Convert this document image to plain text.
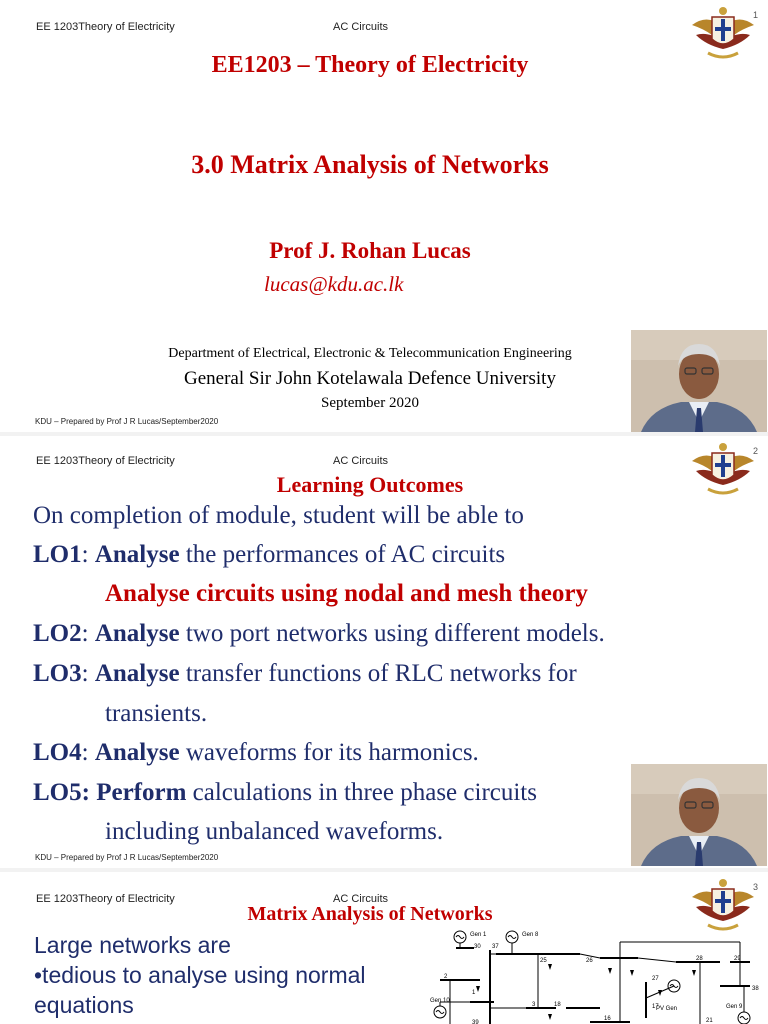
EE 1203Theory of Electricity	AC Circuits
1
EE1203 – Theory of Electricity
3.0 Matrix Analysis of Networks
Prof J. Rohan Lucas
lucas@kdu.ac.lk
Department of Electrical, Electronic & Telecommunication Engineering
General Sir John Kotelawala Defence University
September 2020
KDU – Prepared by Prof J R Lucas/September2020
EE 1203Theory of Electricity	AC Circuits
2
Learning Outcomes
On completion of module, student will be able to
LO1: Analyse the performances of AC circuits
Analyse circuits using nodal and mesh theory
LO2: Analyse two port networks using different models.
LO3: Analyse transfer functions of RLC networks for
transients.
LO4: Analyse waveforms for its harmonics.
LO5: Perform calculations in three phase circuits
including unbalanced waveforms.
KDU – Prepared by Prof J R Lucas/September2020
EE 1203Theory of Electricity	AC Circuits
3
Matrix Analysis of Networks
Large networks are
•tedious to analyse using normal
equations
Gen 1	Gen 8
Gen 10
Gen 9
PV Gen
30 37
25	26	28	29
2
1
27
38
3	18	17
39
16	21
